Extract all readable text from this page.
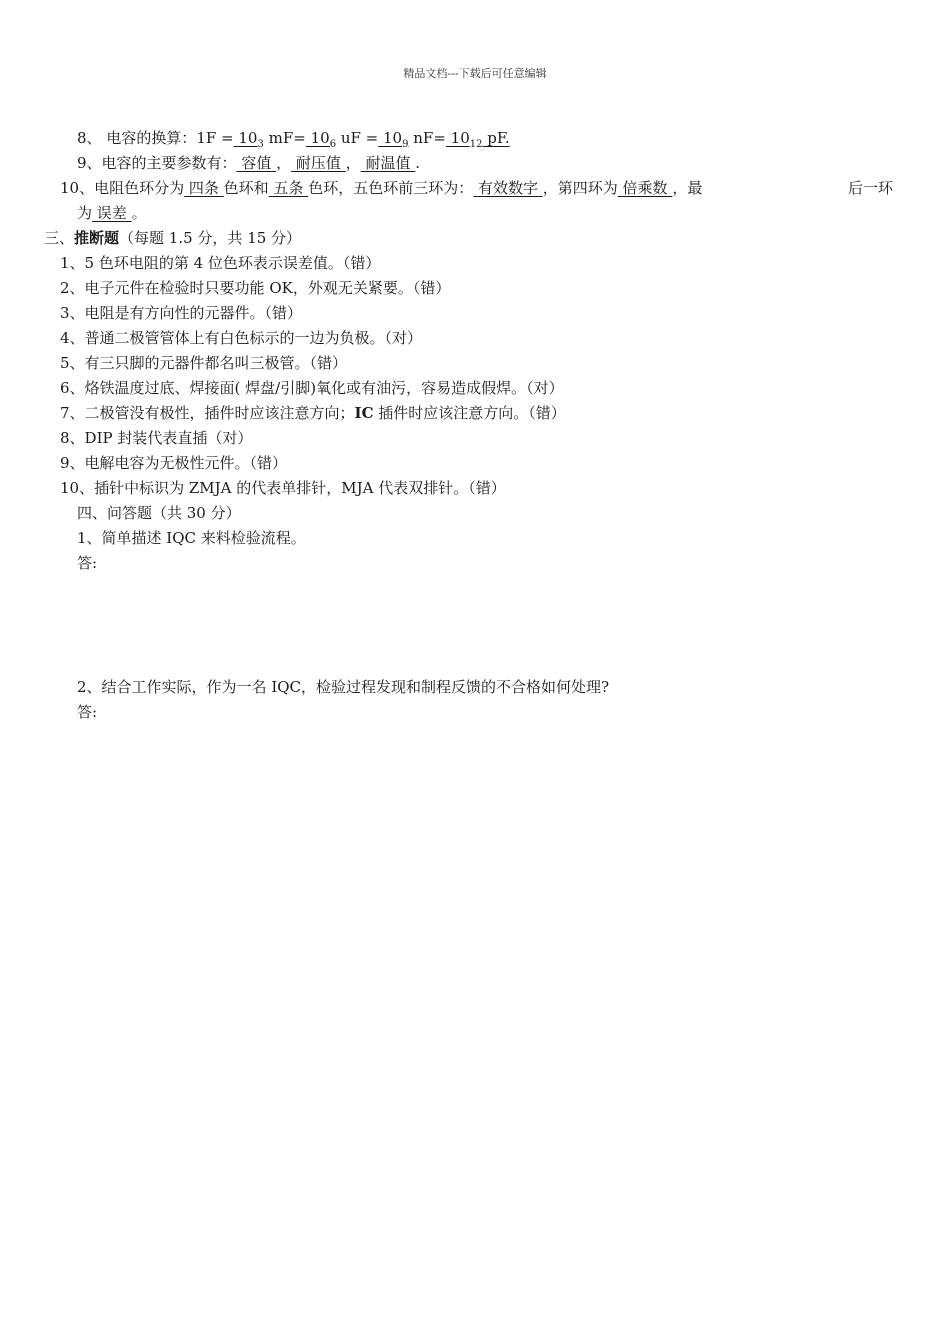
精品文档---下载后可任意编辑
8、 电容的换算：$1F = 10_3$ $mF= 10_6$ uF = $10_9$ $nF= 10_{12}$ pF.
9、电容的主要参数有： 容值 ， 耐压值 ， 耐温值 .
10、电阻色环分为 四条 色环和 五条 色环，五色环前三环为： 有效数字 ，第四环为 倍乘数 ，最	后一环
为 误差 。
三、推断题（每题 1.5 分，共 15 分）
1、5 色环电阻的第 4 位色环表示误差值。（错）
2、电子元件在检验时只要功能 OK，外观无关紧要。（错）
3、电阻是有方向性的元器件。（错）
4、普通二极管管体上有白色标示的一边为负极。（对）
5、有三只脚的元器件都名叫三极管。（错）
6、烙铁温度过底、焊接面( 焊盘/引脚)氧化或有油污，容易造成假焊。（对）
7、二极管没有极性，插件时应该注意方向；IC 插件时应该注意方向。（错）
8、DIP 封装代表直插（对）
9、电解电容为无极性元件。（错）
10、插针中标识为 ZMJA 的代表单排针，MJA 代表双排针。（错）
四、问答题（共 30 分）
1、简单描述 IQC 来料检验流程。
答:
2、结合工作实际，作为一名 IQC，检验过程发现和制程反馈的不合格如何处理?
答:
